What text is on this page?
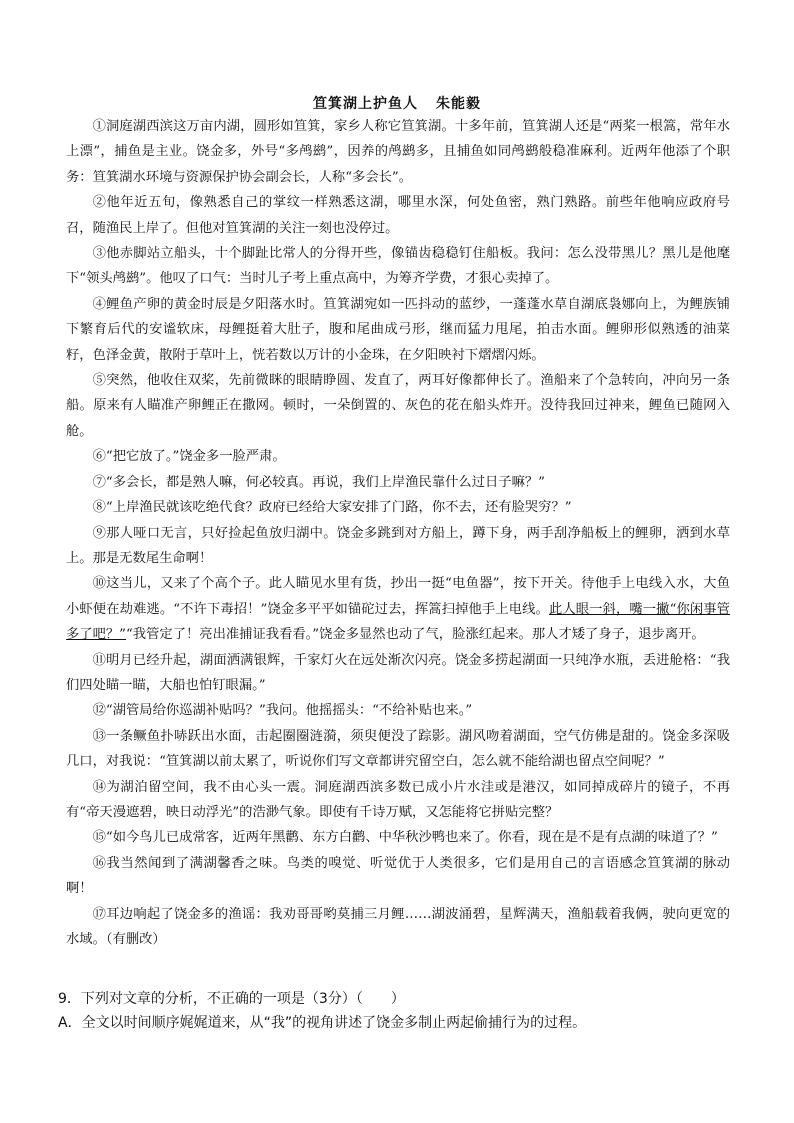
笪箕湖上护鱼人 朱能毅

①洞庭湖西滨这万亩内湖，圆形如笪箕，家乡人称它笪箕湖。十多年前，笪箕湖人还是“两桨一根篙，常年水上漂”，捕鱼是主业。饶金多，外号“多鸬鹚”，因养的鸬鹚多，且捕鱼如同鸬鹚般稳准麻利。近两年他添了个职务：笪箕湖水环境与资源保护协会副会长，人称“多会长”。

②他年近五旬，像熟悉自己的掌纹一样熟悉这湖，哪里水深，何处鱼密，熟门熟路。前些年他响应政府号召，随渔民上岸了。但他对笪箕湖的关注一刻也没停过。

③他赤脚站立船头，十个脚趾比常人的分得开些，像锚齿稳稳钉住船板。我问：怎么没带黑儿？黑儿是他麾下“领头鸬鹚”。他叹了口气：当时儿子考上重点高中，为筹齐学费，才狠心卖掉了。

④鲤鱼产卵的黄金时辰是夕阳落水时。笪箕湖宛如一匹抖动的蓝纱，一蓬蓬水草自湖底袅娜向上，为鲤族铺下繁育后代的安谧软床，母鲤挺着大肚子，腹和尾曲成弓形，继而猛力甩尾，拍击水面。鲤卵形似熟透的油菜籽，色泽金黄，散附于草叶上，恍若数以万计的小金珠，在夕阳映衬下熠熠闪烁。

⑤突然，他收住双桨，先前微眯的眼睛睁圆、发直了，两耳好像都伸长了。渔船来了个急转向，冲向另一条船。原来有人瞄准产卵鲤正在撒网。顿时，一朵倒置的、灰色的花在船头炸开。没待我回过神来，鲤鱼已随网入舱。

⑥“把它放了。”饶金多一脸严肃。

⑦“多会长，都是熟人嘛，何必较真。再说，我们上岸渔民靠什么过日子嘛？”

⑧“上岸渔民就该吃绝代食？政府已经给大家安排了门路，你不去，还有脸哭穷？”

⑨那人哑口无言，只好捡起鱼放归湖中。饶金多跳到对方船上，蹲下身，两手刮净船板上的鲤卵，洒到水草上。那是无数尾生命啊！

⑩这当儿，又来了个高个子。此人瞄见水里有货，抄出一挺“电鱼器”，按下开关。待他手上电线入水，大鱼小虾便在劫难逃。“不许下毒招！”饶金多平平如锚砣过去，挥篙扫掉他手上电线。此人眼一斜，嘴一撇“你闲事管多了吧？”“我管定了！亮出准捕证我看看。”饶金多显然也动了气，脸涨红起来。那人才矮了身子，退步离开。

⑪明月已经升起，湖面洒满银辉，千家灯火在远处渐次闪亮。饶金多捞起湖面一只纯净水瓶，丢进舱格：“我们四处瞄一瞄，大船也怕钉眼漏。”

⑫“湖管局给你巡湖补贴吗？”我问。他摇摇头：“不给补贴也来。”

⑬一条鳜鱼扑哧跃出水面，击起圈圈涟漪，须臾便没了踪影。湖风吻着湖面，空气仿佛是甜的。饶金多深吸几口，对我说：“笪箕湖以前太累了，听说你们写文章都讲究留空白，怎么就不能给湖也留点空间呢？”

⑭为湖泊留空间，我不由心头一震。洞庭湖西滨多数已成小片水洼或是港汉，如同掉成碎片的镜子，不再有“帝天漫遮碧，映日动浮光”的浩渺气象。即使有千诗万赋，又怎能将它拼贴完整？

⑮“如今鸟儿已成常客，近两年黑鹳、东方白鹳、中华秋沙鸭也来了。你看，现在是不是有点湖的味道了？”

⑯我当然闻到了满湖馨香之味。鸟类的嗅觉、听觉优于人类很多，它们是用自己的言语感念笪箕湖的脉动啊！

⑰耳边响起了饶金多的渔谣：我劝哥哥哟莫捕三月鲤……湖波涌碧，星辉满天，渔船载着我俩，驶向更宽的水域。（有删改）

9．下列对文章的分析，不正确的一项是（3分）（　　）
A．全文以时间顺序娓娓道来，从“我”的视角讲述了饶金多制止两起偷捕行为的过程。
